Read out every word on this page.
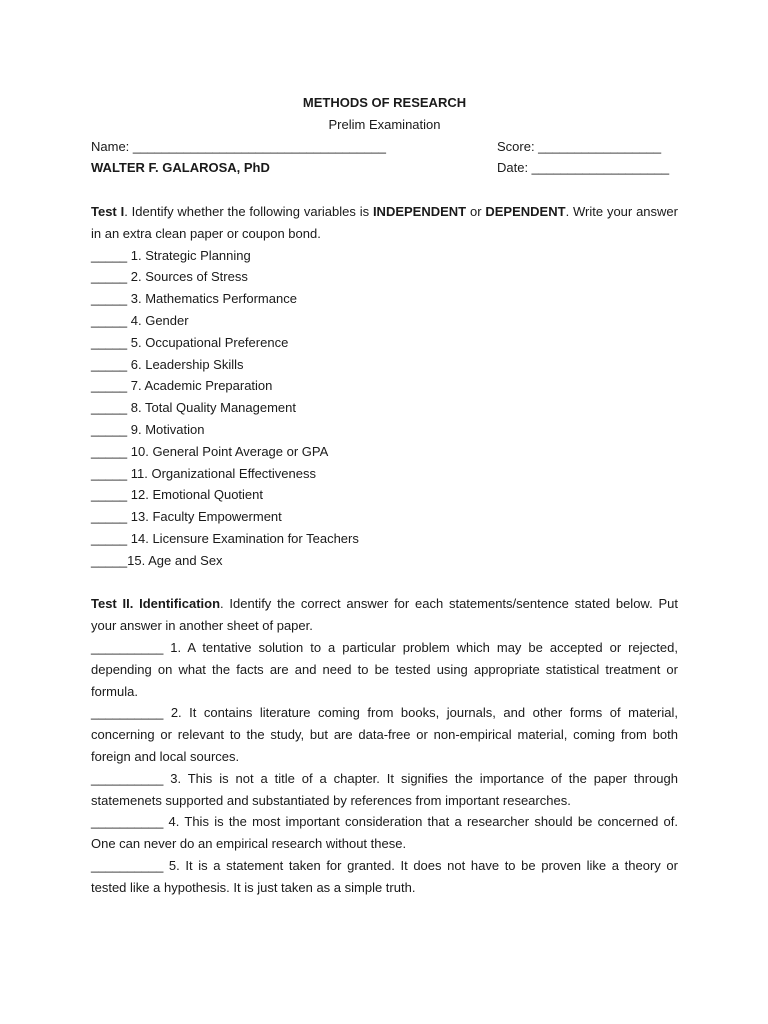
METHODS OF RESEARCH
Prelim Examination
Name: ___________________________________	Score: _________________
WALTER F. GALAROSA, PhD	Date: ___________________
Test I. Identify whether the following variables is INDEPENDENT or DEPENDENT. Write your answer in an extra clean paper or coupon bond.
_____ 1. Strategic Planning
_____ 2. Sources of Stress
_____ 3. Mathematics Performance
_____ 4. Gender
_____ 5. Occupational Preference
_____ 6. Leadership Skills
_____ 7. Academic Preparation
_____ 8. Total Quality Management
_____ 9. Motivation
_____ 10. General Point Average or GPA
_____ 11. Organizational Effectiveness
_____ 12. Emotional Quotient
_____ 13. Faculty Empowerment
_____ 14. Licensure Examination for Teachers
_____15. Age and Sex
Test II. Identification. Identify the correct answer for each statements/sentence stated below. Put your answer in another sheet of paper.
__________ 1. A tentative solution to a particular problem which may be accepted or rejected, depending on what the facts are and need to be tested using appropriate statistical treatment or formula.
__________ 2. It contains literature coming from books, journals, and other forms of material, concerning or relevant to the study, but are data-free or non-empirical material, coming from both foreign and local sources.
__________ 3. This is not a title of a chapter. It signifies the importance of the paper through statemenets supported and substantiated by references from important researches.
__________ 4. This is the most important consideration that a researcher should be concerned of. One can never do an empirical research without these.
__________ 5. It is a statement taken for granted. It does not have to be proven like a theory or tested like a hypothesis. It is just taken as a simple truth.
